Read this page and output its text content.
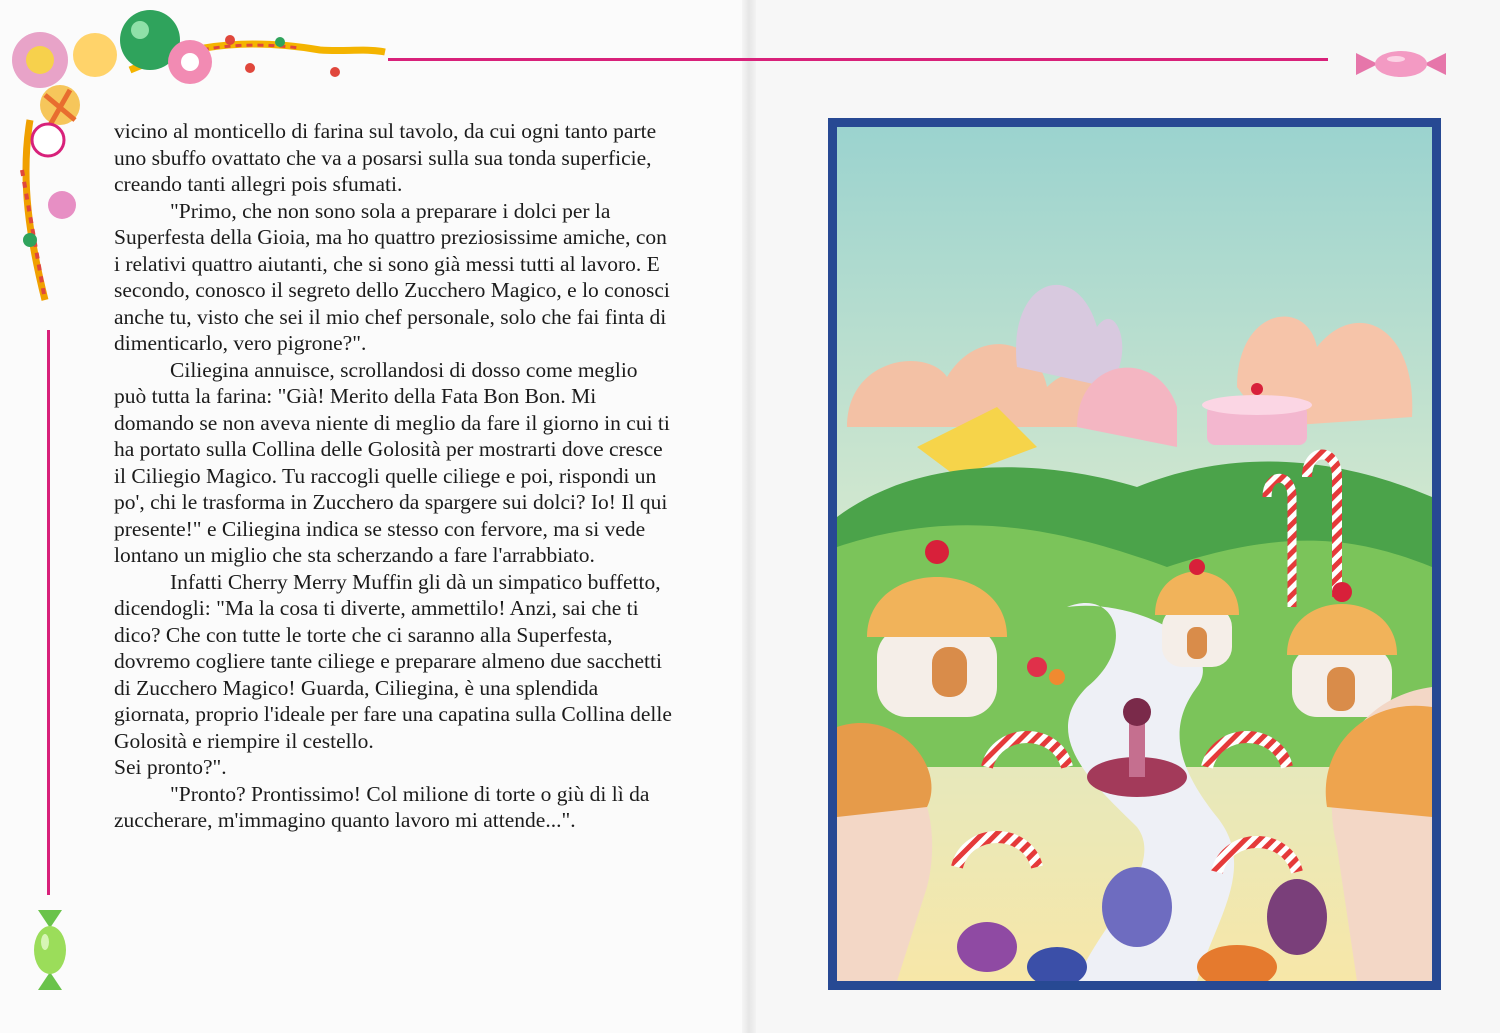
vicino al monticello di farina sul tavolo, da cui ogni tanto parte uno sbuffo ovattato che va a posarsi sulla sua tonda superficie, creando tanti allegri pois sfumati.

"Primo, che non sono sola a preparare i dolci per la Superfesta della Gioia, ma ho quattro preziosissime amiche, con i relativi quattro aiutanti, che si sono già messi tutti al lavoro. E secondo, conosco il segreto dello Zucchero Magico, e lo conosci anche tu, visto che sei il mio chef personale, solo che fai finta di dimenticarlo, vero pigrone?".

Ciliegina annuisce, scrollandosi di dosso come meglio può tutta la farina: "Già! Merito della Fata Bon Bon. Mi domando se non aveva niente di meglio da fare il giorno in cui ti ha portato sulla Collina delle Golosità per mostrarti dove cresce il Ciliegio Magico. Tu raccogli quelle ciliege e poi, rispondi un po', chi le trasforma in Zucchero da spargere sui dolci? Io! Il qui presente!" e Ciliegina indica se stesso con fervore, ma si vede lontano un miglio che sta scherzando a fare l'arrabbiato.

Infatti Cherry Merry Muffin gli dà un simpatico buffetto, dicendogli: "Ma la cosa ti diverte, ammettilo! Anzi, sai che ti dico? Che con tutte le torte che ci saranno alla Superfesta, dovremo cogliere tante ciliege e preparare almeno due sacchetti di Zucchero Magico! Guarda, Ciliegina, è una splendida giornata, proprio l'ideale per fare una capatina sulla Collina delle Golosità e riempire il cestello.

Sei pronto?".

"Pronto? Prontissimo! Col milione di torte o giù di lì da zuccherare, m'immagino quanto lavoro mi attende...".
